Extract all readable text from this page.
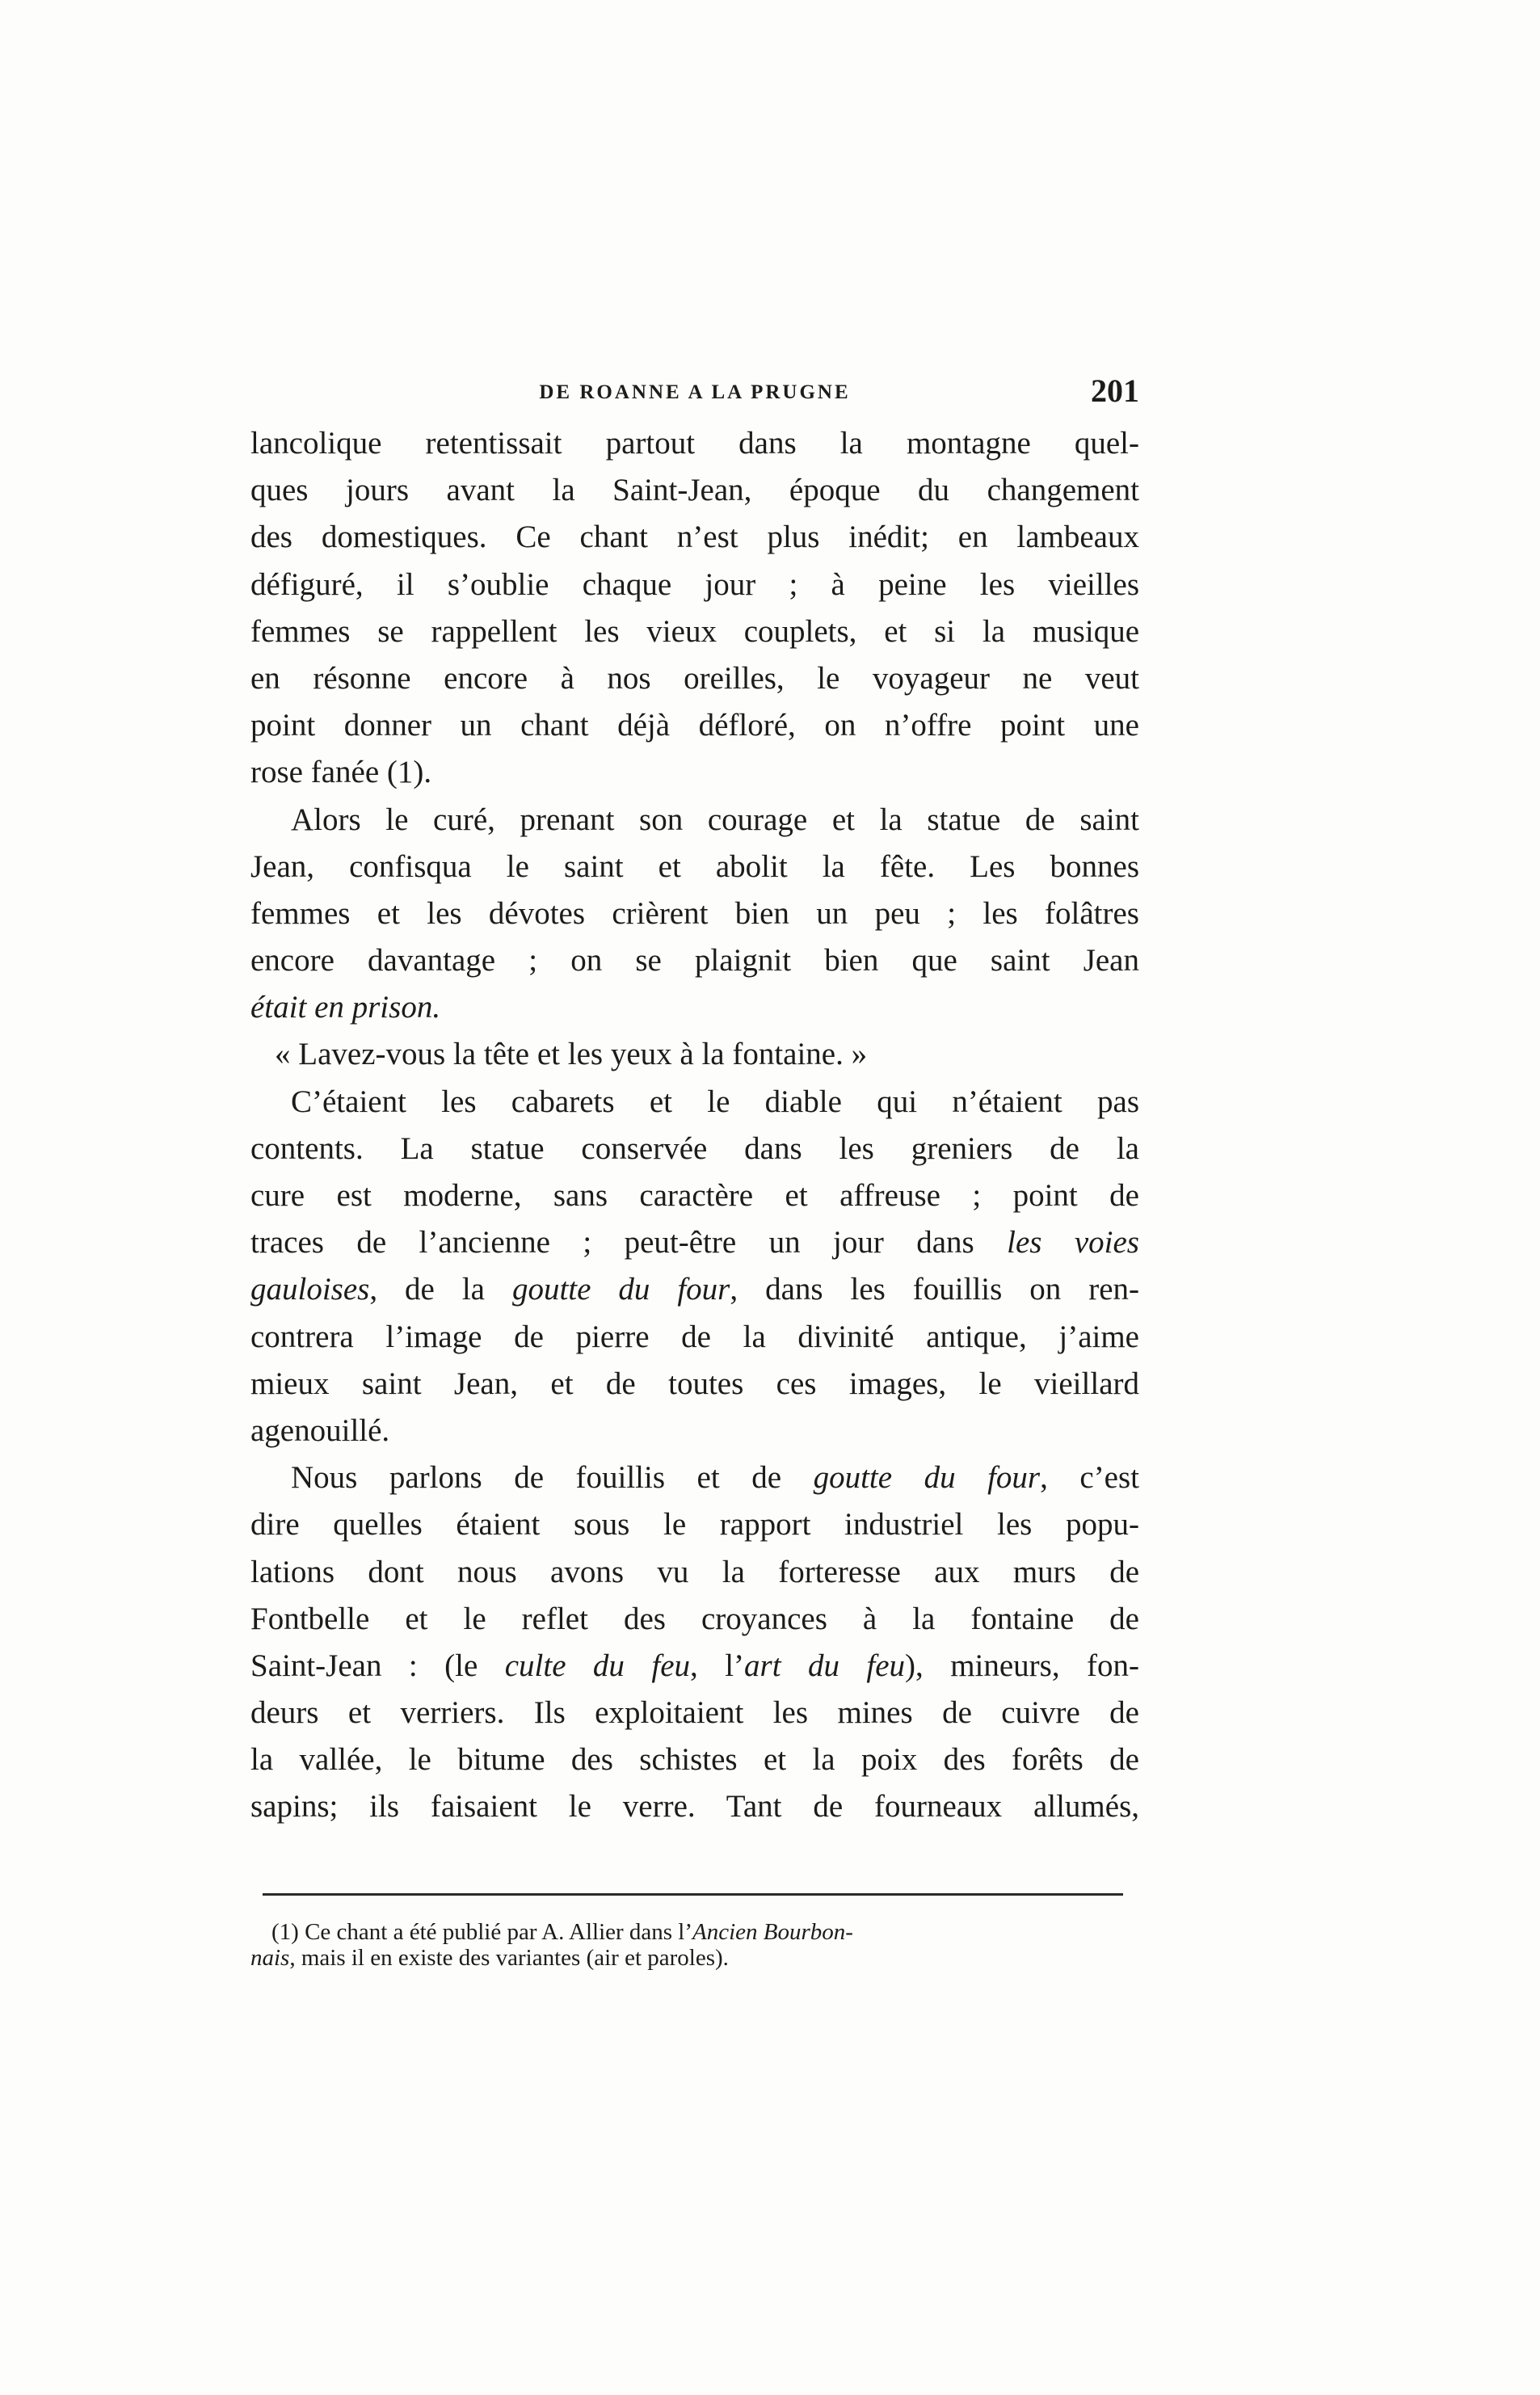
DE ROANNE A LA PRUGNE	201
lancolique retentissait partout dans la montagne quel-
ques jours avant la Saint-Jean, époque du changement
des domestiques. Ce chant n’est plus inédit; en lambeaux
défiguré, il s’oublie chaque jour ; à peine les vieilles
femmes se rappellent les vieux couplets, et si la musique
en résonne encore à nos oreilles, le voyageur ne veut
point donner un chant déjà défloré, on n’offre point une
rose fanée (1).
Alors le curé, prenant son courage et la statue de saint
Jean, confisqua le saint et abolit la fête. Les bonnes
femmes et les dévotes crièrent bien un peu ; les folâtres
encore davantage ; on se plaignit bien que saint Jean
était en prison.
« Lavez-vous la tête et les yeux à la fontaine. »
C’étaient les cabarets et le diable qui n’étaient pas
contents. La statue conservée dans les greniers de la
cure est moderne, sans caractère et affreuse ; point de
traces de l’ancienne ; peut-être un jour dans les voies
gauloises, de la goutte du four, dans les fouillis on ren-
contrera l’image de pierre de la divinité antique, j’aime
mieux saint Jean, et de toutes ces images, le vieillard
agenouillé.
Nous parlons de fouillis et de goutte du four, c’est
dire quelles étaient sous le rapport industriel les popu-
lations dont nous avons vu la forteresse aux murs de
Fontbelle et le reflet des croyances à la fontaine de
Saint-Jean : (le culte du feu, l’art du feu), mineurs, fon-
deurs et verriers. Ils exploitaient les mines de cuivre de
la vallée, le bitume des schistes et la poix des forêts de
sapins; ils faisaient le verre. Tant de fourneaux allumés,
(1) Ce chant a été publié par A. Allier dans l’Ancien Bourbon-
nais, mais il en existe des variantes (air et paroles).
